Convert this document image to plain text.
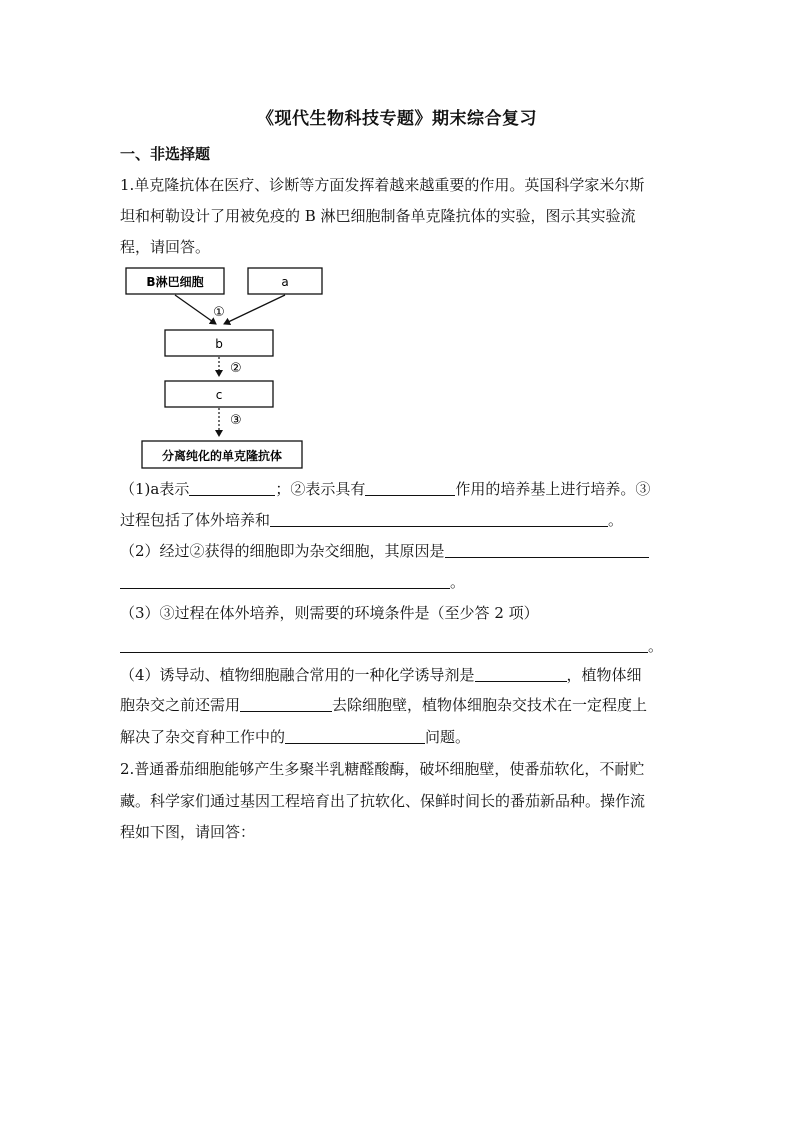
《现代生物科技专题》期末综合复习
一、非选择题
1.单克隆抗体在医疗、诊断等方面发挥着越来越重要的作用。英国科学家米尔斯
坦和柯勒设计了用被免疫的 B 淋巴细胞制备单克隆抗体的实验，图示其实验流
程，请回答。
B淋巴细胞	a
①
b
②
c
③
分离纯化的单克隆抗体
（1)a表示	；②表示具有	作用的培养基上进行培养。③
过程包括了体外培养和	。
（2）经过②获得的细胞即为杂交细胞，其原因是
。
（3）③过程在体外培养，则需要的环境条件是（至少答 2 项）
。
（4）诱导动、植物细胞融合常用的一种化学诱导剂是	，植物体细
胞杂交之前还需用	去除细胞壁，植物体细胞杂交技术在一定程度上
解决了杂交育种工作中的	问题。
2.普通番茄细胞能够产生多聚半乳糖醛酸酶，破坏细胞壁，使番茄软化，不耐贮
藏。科学家们通过基因工程培育出了抗软化、保鲜时间长的番茄新品种。操作流
程如下图，请回答：
